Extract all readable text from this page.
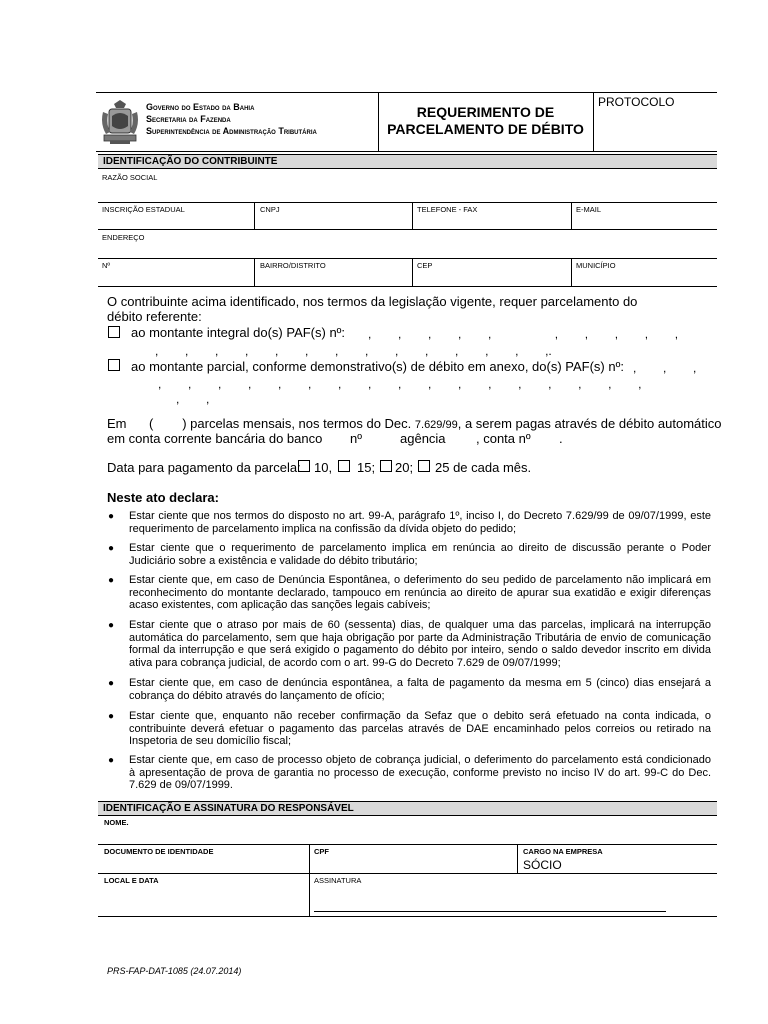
Governo do Estado da Bahia
Secretaria da Fazenda
Superintendência de Administração Tributária
REQUERIMENTO DE
PARCELAMENTO DE DÉBITO
PROTOCOLO
IDENTIFICAÇÃO DO CONTRIBUINTE
RAZÃO SOCIAL
INSCRIÇÃO ESTADUAL	CNPJ	TELEFONE - FAX	E-MAIL
ENDEREÇO
Nº	BAIRRO/DISTRITO	CEP	MUNICÍPIO
O contribuinte acima identificado, nos termos da legislação vigente, requer parcelamento do débito referente:
ao montante integral do(s) PAF(s) nº: ,        ,        ,        ,        ,                   ,        ,        ,        ,        ,
,        ,        ,        ,        ,        ,        ,        ,        ,        ,        ,        ,        ,        ,.
ao montante parcial, conforme demonstrativo(s) de débito em anexo, do(s) PAF(s) nº: ,        ,        ,
,        ,        ,        ,        ,        ,        ,        ,        ,        ,        ,        ,        ,        ,        ,        ,        ,
,        ,
Em (        ) parcelas mensais, nos termos do Dec. 7.629/99, a serem pagas através de débito automático
em conta corrente bancária do banco nº	agência , conta nº .
Data para pagamento da parcela: 10, 15; 20; 25 de cada mês.
Neste ato declara:
● Estar ciente que nos termos do disposto no art. 99-A, parágrafo 1º, inciso I, do Decreto 7.629/99 de 09/07/1999, este requerimento de parcelamento implica na confissão da dívida objeto do pedido;
● Estar ciente que o requerimento de parcelamento implica em renúncia ao direito de discussão perante o Poder Judiciário sobre a existência e validade do débito tributário;
● Estar ciente que, em caso de Denúncia Espontânea, o deferimento do seu pedido de parcelamento não implicará em reconhecimento do montante declarado, tampouco em renúncia ao direito de apurar sua exatidão e exigir diferenças acaso existentes, com aplicação das sanções legais cabíveis;
● Estar ciente que o atraso por mais de 60 (sessenta) dias, de qualquer uma das parcelas, implicará na interrupção automática do parcelamento, sem que haja obrigação por parte da Administração Tributária de envio de comunicação formal da interrupção e que será exigido o pagamento do débito por inteiro, sendo o saldo devedor inscrito em divida ativa para cobrança judicial, de acordo com o art. 99-G do Decreto 7.629 de 09/07/1999;
● Estar ciente que, em caso de denúncia espontânea, a falta de pagamento da mesma em 5 (cinco) dias ensejará a cobrança do débito através do lançamento de ofício;
● Estar ciente que, enquanto não receber confirmação da Sefaz que o debito será efetuado na conta indicada, o contribuinte deverá efetuar o pagamento das parcelas através de DAE encaminhado pelos correios ou retirado na Inspetoria de seu domicílio fiscal;
● Estar ciente que, em caso de processo objeto de cobrança judicial, o deferimento do parcelamento está condicionado à apresentação de prova de garantia no processo de execução, conforme previsto no inciso IV do art. 99-C do Dec. 7.629 de 09/07/1999.
IDENTIFICAÇÃO E ASSINATURA DO RESPONSÁVEL
NOME.
DOCUMENTO DE IDENTIDADE	CPF	CARGO NA EMPRESA
SÓCIO
LOCAL E DATA	ASSINATURA
PRS-FAP-DAT-1085 (24.07.2014)
